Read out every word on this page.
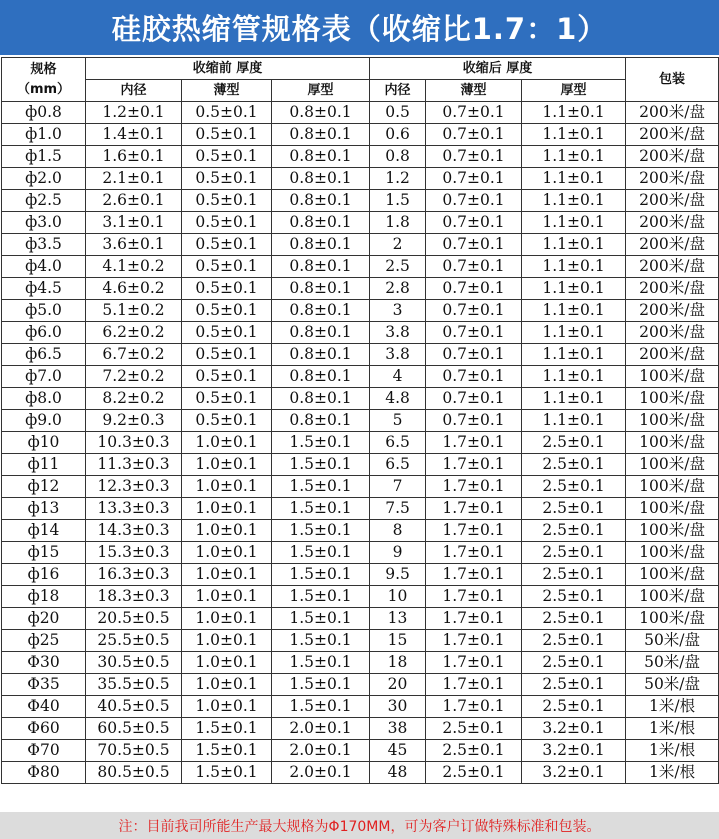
硅胶热缩管规格表（收缩比1.7：1）
规格
（mm）	收缩前 厚度			收缩后 厚度			包装
	内径	薄型	厚型	内径	薄型	厚型	
ф0.8	1.2±0.1	0.5±0.1	0.8±0.1	0.5	0.7±0.1	1.1±0.1	200米/盘
ф1.0	1.4±0.1	0.5±0.1	0.8±0.1	0.6	0.7±0.1	1.1±0.1	200米/盘
ф1.5	1.6±0.1	0.5±0.1	0.8±0.1	0.8	0.7±0.1	1.1±0.1	200米/盘
ф2.0	2.1±0.1	0.5±0.1	0.8±0.1	1.2	0.7±0.1	1.1±0.1	200米/盘
ф2.5	2.6±0.1	0.5±0.1	0.8±0.1	1.5	0.7±0.1	1.1±0.1	200米/盘
ф3.0	3.1±0.1	0.5±0.1	0.8±0.1	1.8	0.7±0.1	1.1±0.1	200米/盘
ф3.5	3.6±0.1	0.5±0.1	0.8±0.1	2	0.7±0.1	1.1±0.1	200米/盘
ф4.0	4.1±0.2	0.5±0.1	0.8±0.1	2.5	0.7±0.1	1.1±0.1	200米/盘
ф4.5	4.6±0.2	0.5±0.1	0.8±0.1	2.8	0.7±0.1	1.1±0.1	200米/盘
ф5.0	5.1±0.2	0.5±0.1	0.8±0.1	3	0.7±0.1	1.1±0.1	200米/盘
ф6.0	6.2±0.2	0.5±0.1	0.8±0.1	3.8	0.7±0.1	1.1±0.1	200米/盘
ф6.5	6.7±0.2	0.5±0.1	0.8±0.1	3.8	0.7±0.1	1.1±0.1	200米/盘
ф7.0	7.2±0.2	0.5±0.1	0.8±0.1	4	0.7±0.1	1.1±0.1	100米/盘
ф8.0	8.2±0.2	0.5±0.1	0.8±0.1	4.8	0.7±0.1	1.1±0.1	100米/盘
ф9.0	9.2±0.3	0.5±0.1	0.8±0.1	5	0.7±0.1	1.1±0.1	100米/盘
ф10	10.3±0.3	1.0±0.1	1.5±0.1	6.5	1.7±0.1	2.5±0.1	100米/盘
ф11	11.3±0.3	1.0±0.1	1.5±0.1	6.5	1.7±0.1	2.5±0.1	100米/盘
ф12	12.3±0.3	1.0±0.1	1.5±0.1	7	1.7±0.1	2.5±0.1	100米/盘
ф13	13.3±0.3	1.0±0.1	1.5±0.1	7.5	1.7±0.1	2.5±0.1	100米/盘
ф14	14.3±0.3	1.0±0.1	1.5±0.1	8	1.7±0.1	2.5±0.1	100米/盘
ф15	15.3±0.3	1.0±0.1	1.5±0.1	9	1.7±0.1	2.5±0.1	100米/盘
ф16	16.3±0.3	1.0±0.1	1.5±0.1	9.5	1.7±0.1	2.5±0.1	100米/盘
ф18	18.3±0.3	1.0±0.1	1.5±0.1	10	1.7±0.1	2.5±0.1	100米/盘
ф20	20.5±0.5	1.0±0.1	1.5±0.1	13	1.7±0.1	2.5±0.1	100米/盘
ф25	25.5±0.5	1.0±0.1	1.5±0.1	15	1.7±0.1	2.5±0.1	50米/盘
Φ30	30.5±0.5	1.0±0.1	1.5±0.1	18	1.7±0.1	2.5±0.1	50米/盘
Φ35	35.5±0.5	1.0±0.1	1.5±0.1	20	1.7±0.1	2.5±0.1	50米/盘
Φ40	40.5±0.5	1.0±0.1	1.5±0.1	30	1.7±0.1	2.5±0.1	1米/根
Φ60	60.5±0.5	1.5±0.1	2.0±0.1	38	2.5±0.1	3.2±0.1	1米/根
Φ70	70.5±0.5	1.5±0.1	2.0±0.1	45	2.5±0.1	3.2±0.1	1米/根
Φ80	80.5±0.5	1.5±0.1	2.0±0.1	48	2.5±0.1	3.2±0.1	1米/根
注：目前我司所能生产最大规格为Φ170MM，可为客户订做特殊标准和包装。
